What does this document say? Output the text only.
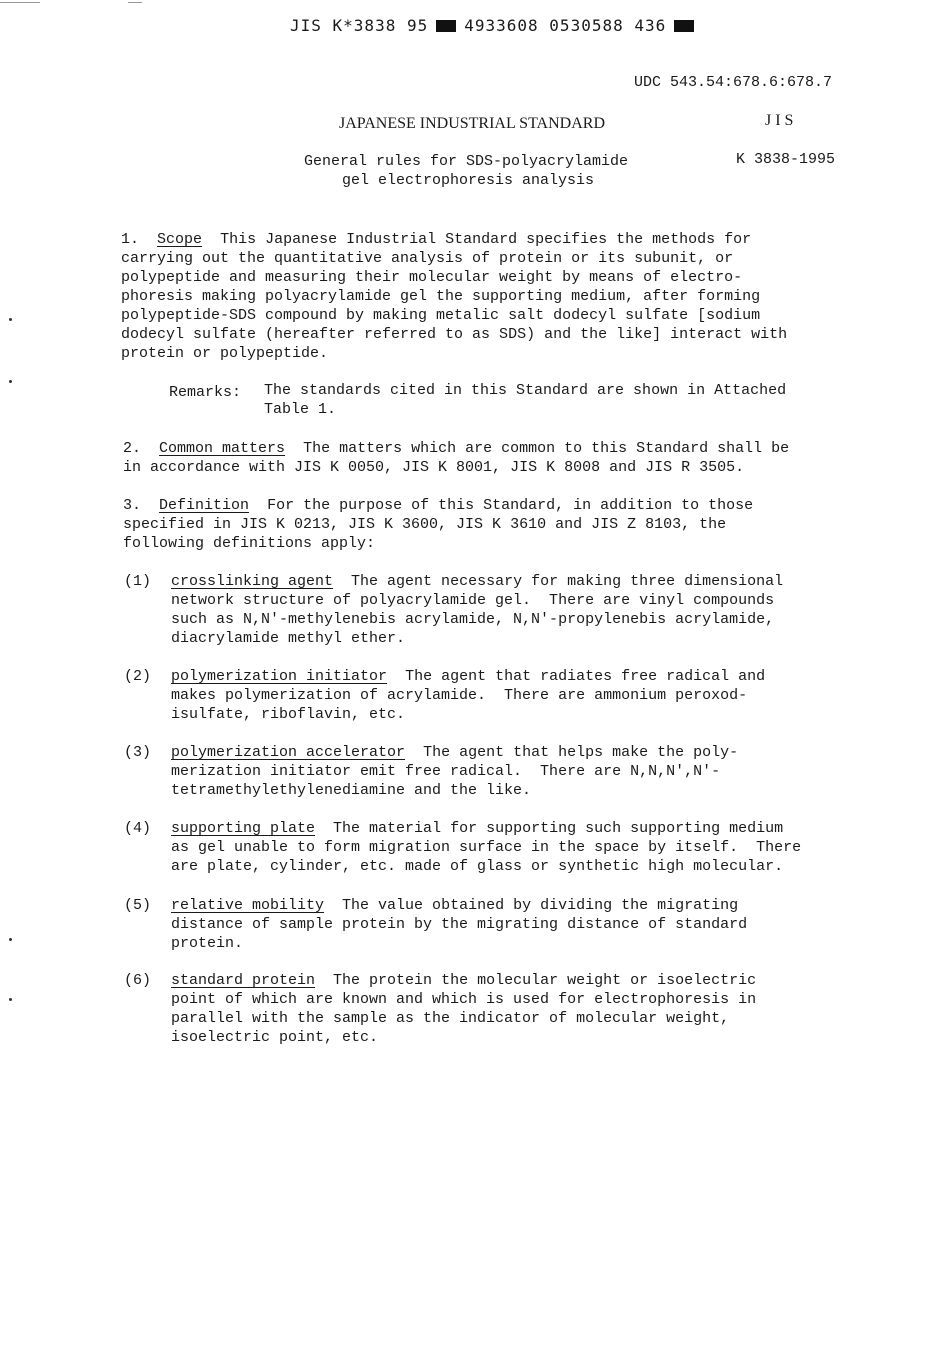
JIS K*3838 95 4933608 0530588 436
UDC 543.54:678.6:678.7
JAPANESE INDUSTRIAL STANDARD	J I S
General rules for SDS-polyacrylamide
gel electrophoresis analysis
K 3838-1995
1. Scope This Japanese Industrial Standard specifies the methods for
carrying out the quantitative analysis of protein or its subunit, or
polypeptide and measuring their molecular weight by means of electro-
phoresis making polyacrylamide gel the supporting medium, after forming
polypeptide-SDS compound by making metalic salt dodecyl sulfate [sodium
dodecyl sulfate (hereafter referred to as SDS) and the like] interact with
protein or polypeptide.
Remarks: The standards cited in this Standard are shown in Attached
Table 1.
2. Common matters The matters which are common to this Standard shall be
in accordance with JIS K 0050, JIS K 8001, JIS K 8008 and JIS R 3505.
3. Definition For the purpose of this Standard, in addition to those
specified in JIS K 0213, JIS K 3600, JIS K 3610 and JIS Z 8103, the
following definitions apply:
(1) crosslinking agent The agent necessary for making three dimensional
network structure of polyacrylamide gel.  There are vinyl compounds
such as N,N'-methylenebis acrylamide, N,N'-propylenebis acrylamide,
diacrylamide methyl ether.
(2) polymerization initiator The agent that radiates free radical and
makes polymerization of acrylamide.  There are ammonium peroxod-
isulfate, riboflavin, etc.
(3) polymerization accelerator The agent that helps make the poly-
merization initiator emit free radical.  There are N,N,N',N'-
tetramethylethylenediamine and the like.
(4) supporting plate The material for supporting such supporting medium
as gel unable to form migration surface in the space by itself.  There
are plate, cylinder, etc. made of glass or synthetic high molecular.
(5) relative mobility The value obtained by dividing the migrating
distance of sample protein by the migrating distance of standard
protein.
(6) standard protein The protein the molecular weight or isoelectric
point of which are known and which is used for electrophoresis in
parallel with the sample as the indicator of molecular weight,
isoelectric point, etc.
